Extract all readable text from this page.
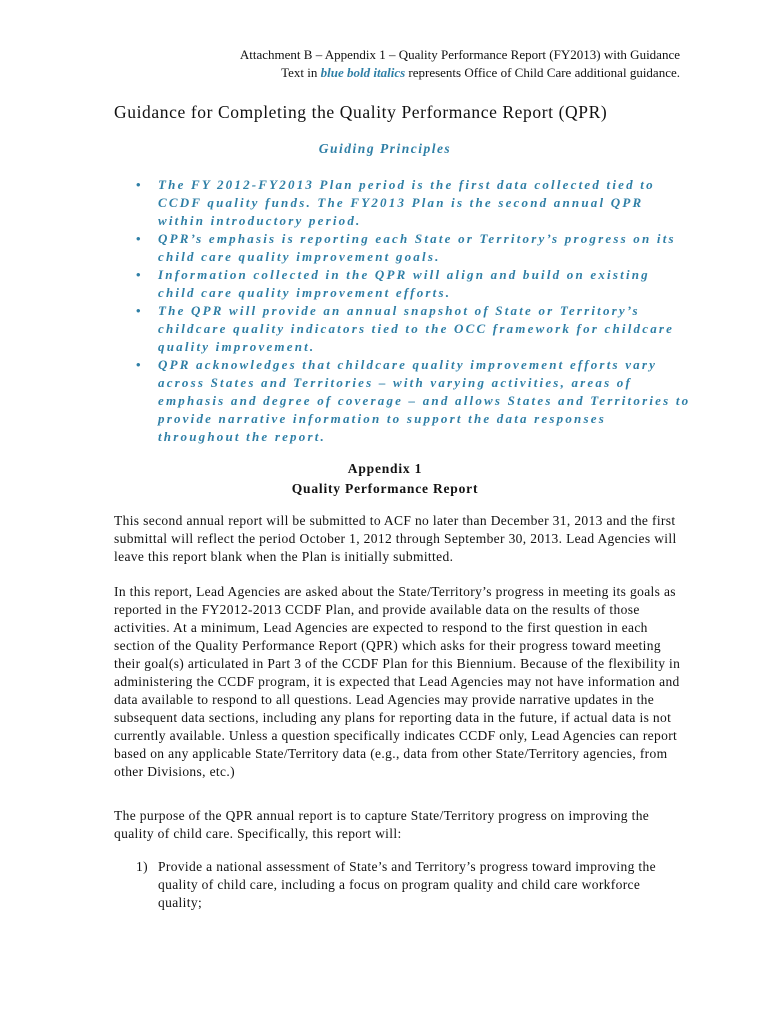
Attachment B – Appendix 1 – Quality Performance Report (FY2013) with Guidance
Text in blue bold italics represents Office of Child Care additional guidance.
Guidance for Completing the Quality Performance Report (QPR)
Guiding Principles
• The FY 2012-FY2013 Plan period is the first data collected tied to CCDF quality funds. The FY2013 Plan is the second annual QPR within introductory period.
• QPR’s emphasis is reporting each State or Territory’s progress on its child care quality improvement goals.
• Information collected in the QPR will align and build on existing child care quality improvement efforts.
• The QPR will provide an annual snapshot of State or Territory’s childcare quality indicators tied to the OCC framework for childcare quality improvement.
• QPR acknowledges that childcare quality improvement efforts vary across States and Territories – with varying activities, areas of emphasis and degree of coverage – and allows States and Territories to provide narrative information to support the data responses throughout the report.
Appendix 1
Quality Performance Report

This second annual report will be submitted to ACF no later than December 31, 2013 and the first submittal will reflect the period October 1, 2012 through September 30, 2013. Lead Agencies will leave this report blank when the Plan is initially submitted.

In this report, Lead Agencies are asked about the State/Territory’s progress in meeting its goals as reported in the FY2012-2013 CCDF Plan, and provide available data on the results of those activities. At a minimum, Lead Agencies are expected to respond to the first question in each section of the Quality Performance Report (QPR) which asks for their progress toward meeting their goal(s) articulated in Part 3 of the CCDF Plan for this Biennium. Because of the flexibility in administering the CCDF program, it is expected that Lead Agencies may not have information and data available to respond to all questions. Lead Agencies may provide narrative updates in the subsequent data sections, including any plans for reporting data in the future, if actual data is not currently available. Unless a question specifically indicates CCDF only, Lead Agencies can report based on any applicable State/Territory data (e.g., data from other State/Territory agencies, from other Divisions, etc.)

The purpose of the QPR annual report is to capture State/Territory progress on improving the quality of child care. Specifically, this report will:

1) Provide a national assessment of State’s and Territory’s progress toward improving the quality of child care, including a focus on program quality and child care workforce quality;
